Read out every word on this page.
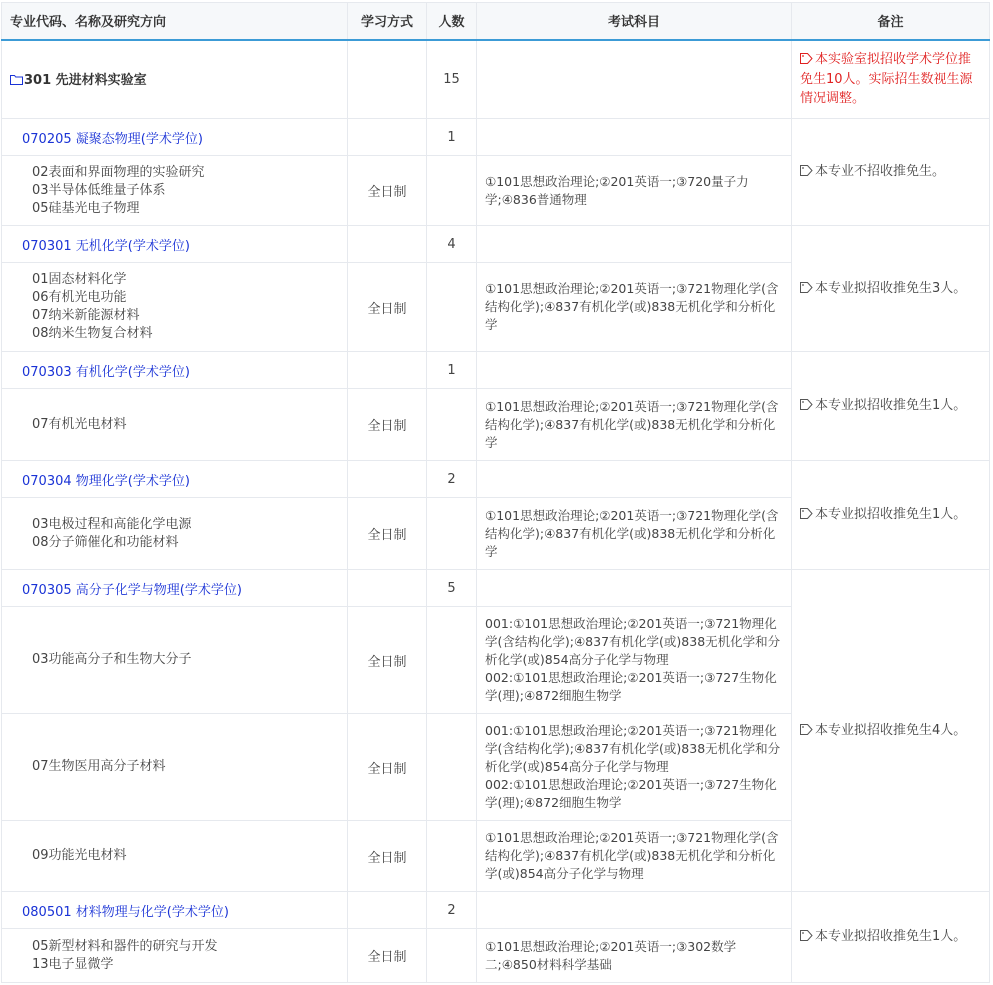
专业代码、名称及研究方向	学习方式	人数	考试科目	备注
301 先进材料实验室		15		本实验室拟招收学术学位推免生10人。实际招生数视生源情况调整。

070205 凝聚态物理(学术学位)		1		本专业不招收推免生。

02表面和界面物理的实验研究
03半导体低维量子体系
05硅基光电子物理	全日制		①101思想政治理论;②201英语一;③720量子力学;④836普通物理	

070301 无机化学(学术学位)		4		本专业拟招收推免生3人。

01固态材料化学
06有机光电功能
07纳米新能源材料
08纳米生物复合材料	全日制		①101思想政治理论;②201英语一;③721物理化学(含结构化学);④837有机化学(或)838无机化学和分析化学	

070303 有机化学(学术学位)		1		本专业拟招收推免生1人。

07有机光电材料	全日制		①101思想政治理论;②201英语一;③721物理化学(含结构化学);④837有机化学(或)838无机化学和分析化学	

070304 物理化学(学术学位)		2		本专业拟招收推免生1人。

03电极过程和高能化学电源
08分子筛催化和功能材料	全日制		①101思想政治理论;②201英语一;③721物理化学(含结构化学);④837有机化学(或)838无机化学和分析化学	

070305 高分子化学与物理(学术学位)		5		本专业拟招收推免生4人。

03功能高分子和生物大分子	全日制		001:①101思想政治理论;②201英语一;③721物理化学(含结构化学);④837有机化学(或)838无机化学和分析化学(或)854高分子化学与物理
002:①101思想政治理论;②201英语一;③727生物化学(理);④872细胞生物学	

07生物医用高分子材料	全日制		001:①101思想政治理论;②201英语一;③721物理化学(含结构化学);④837有机化学(或)838无机化学和分析化学(或)854高分子化学与物理
002:①101思想政治理论;②201英语一;③727生物化学(理);④872细胞生物学	

09功能光电材料	全日制		①101思想政治理论;②201英语一;③721物理化学(含结构化学);④837有机化学(或)838无机化学和分析化学(或)854高分子化学与物理	

080501 材料物理与化学(学术学位)		2		本专业拟招收推免生1人。

05新型材料和器件的研究与开发
13电子显微学	全日制		①101思想政治理论;②201英语一;③302数学二;④850材料科学基础	
